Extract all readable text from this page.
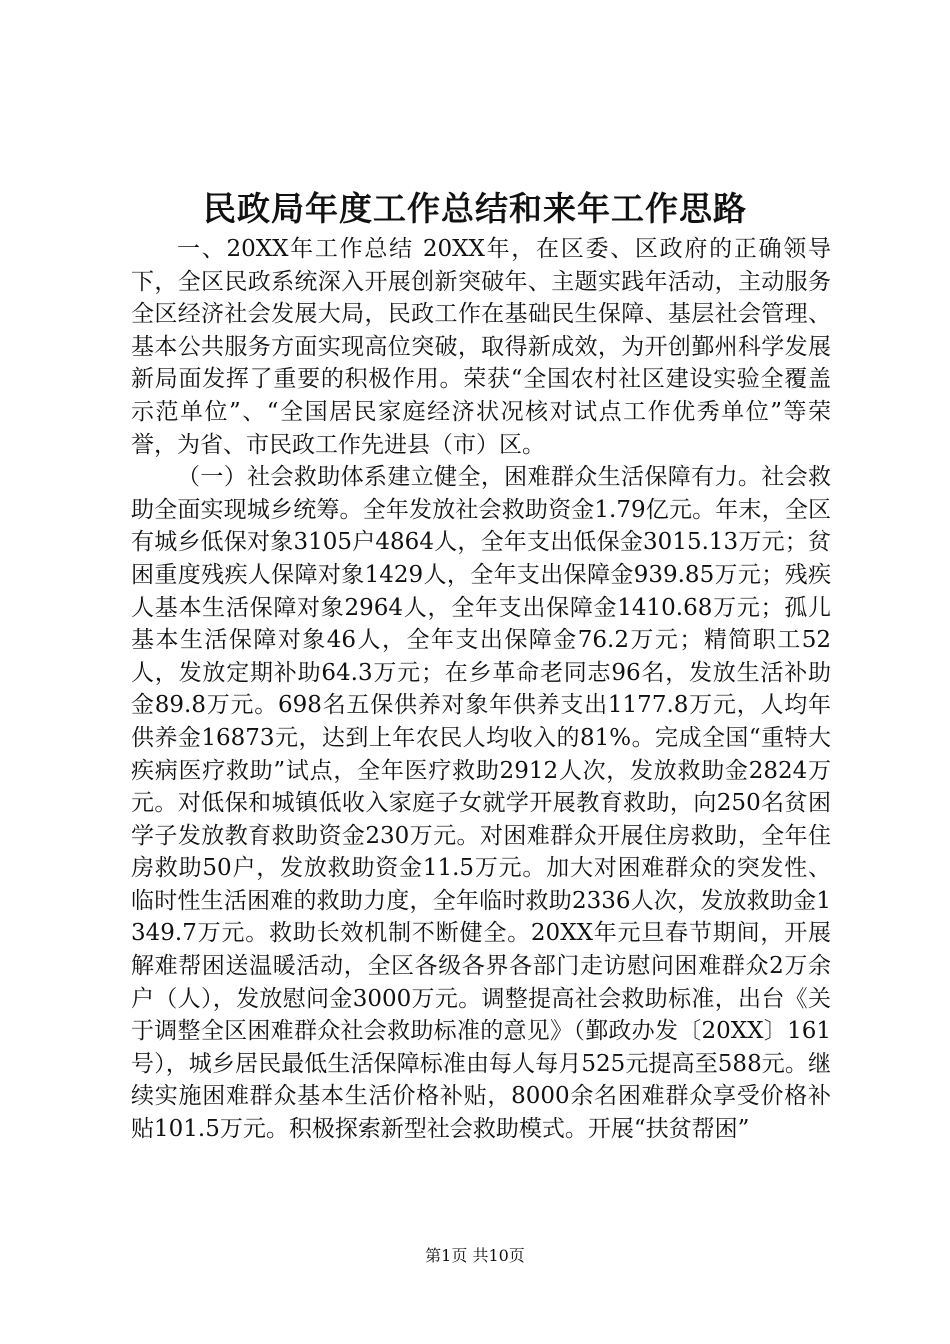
民政局年度工作总结和来年工作思路

一、20XX年工作总结 20XX年，在区委、区政府的正确领导下，全区民政系统深入开展创新突破年、主题实践年活动，主动服务全区经济社会发展大局，民政工作在基础民生保障、基层社会管理、基本公共服务方面实现高位突破，取得新成效，为开创鄞州科学发展新局面发挥了重要的积极作用。荣获“全国农村社区建设实验全覆盖示范单位”、“全国居民家庭经济状况核对试点工作优秀单位”等荣誉，为省、市民政工作先进县（市）区。

（一）社会救助体系建立健全，困难群众生活保障有力。社会救助全面实现城乡统筹。全年发放社会救助资金1.79亿元。年末，全区有城乡低保对象3105户4864人，全年支出低保金3015.13万元；贫困重度残疾人保障对象1429人，全年支出保障金939.85万元；残疾人基本生活保障对象2964人，全年支出保障金1410.68万元；孤儿基本生活保障对象46人，全年支出保障金76.2万元；精简职工52人，发放定期补助64.3万元；在乡革命老同志96名，发放生活补助金89.8万元。698名五保供养对象年供养支出1177.8万元，人均年供养金16873元，达到上年农民人均收入的81%。完成全国“重特大疾病医疗救助”试点，全年医疗救助2912人次，发放救助金2824万元。对低保和城镇低收入家庭子女就学开展教育救助，向250名贫困学子发放教育救助资金230万元。对困难群众开展住房救助，全年住房救助50户，发放救助资金11.5万元。加大对困难群众的突发性、临时性生活困难的救助力度，全年临时救助2336人次，发放救助金1349.7万元。救助长效机制不断健全。20XX年元旦春节期间，开展解难帮困送温暖活动，全区各级各界各部门走访慰问困难群众2万余户（人），发放慰问金3000万元。调整提高社会救助标准，出台《关于调整全区困难群众社会救助标准的意见》（鄞政办发〔20XX〕161号），城乡居民最低生活保障标准由每人每月525元提高至588元。继续实施困难群众基本生活价格补贴，8000余名困难群众享受价格补贴101.5万元。积极探索新型社会救助模式。开展“扶贫帮困”

第1页 共10页
